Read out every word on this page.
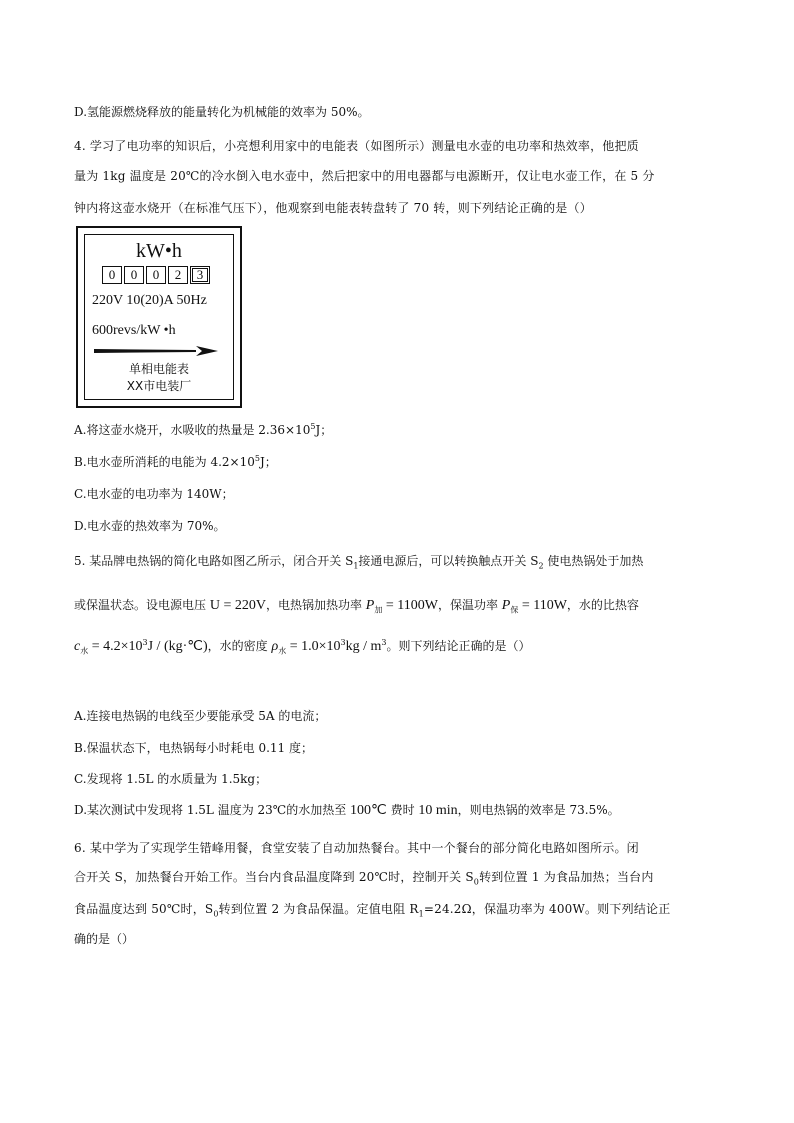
D.氢能源燃烧释放的能量转化为机械能的效率为 50%。
4. 学习了电功率的知识后，小亮想利用家中的电能表（如图所示）测量电水壶的电功率和热效率，他把质
量为 1kg 温度是 20℃的冷水倒入电水壶中，然后把家中的用电器都与电源断开，仅让电水壶工作，在 5 分
钟内将这壶水烧开（在标准气压下），他观察到电能表转盘转了 70 转，则下列结论正确的是（）
kW•h
0	0	0	2	3
220V 10(20)A 50Hz
600revs/kW •h
单相电能表
XX市电装厂
A.将这壶水烧开，水吸收的热量是 $2.36\times 10^5J$；
B.电水壶所消耗的电能为 $4.2\times 10^5J$；
C.电水壶的电功率为 140W；
D.电水壶的热效率为 70%。
5. 某品牌电热锅的简化电路如图乙所示，闭合开关 $S_1$接通电源后，可以转换触点开关 $S_2$ 使电热锅处于加热
或保温状态。设电源电压 U = 220V，电热锅加热功率 $P_加 = 1100W$，保温功率 $P_保 = 110W$，水的比热容
$c_水 = 4.2\times 10^3J$ / (kg·℃)，水的密度 $\rho_水 = 1.0\times 10^3kg / m^3$。则下列结论正确的是（）
A.连接电热锅的电线至少要能承受 5A 的电流；
B.保温状态下，电热锅每小时耗电 0.11 度；
C.发现将 1.5L 的水质量为 1.5kg；
D.某次测试中发现将 1.5L 温度为 23℃的水加热至 100℃ 费时 10 min，则电热锅的效率是 73.5%。
6. 某中学为了实现学生错峰用餐，食堂安装了自动加热餐台。其中一个餐台的部分简化电路如图所示。闭
合开关 S，加热餐台开始工作。当台内食品温度降到 20℃时，控制开关 $S_0$转到位置 1 为食品加热；当台内
食品温度达到 50℃时，$S_0$转到位置 2 为食品保温。定值电阻 $R_1=24.2\Omega$，保温功率为 400W。则下列结论正
确的是（）
